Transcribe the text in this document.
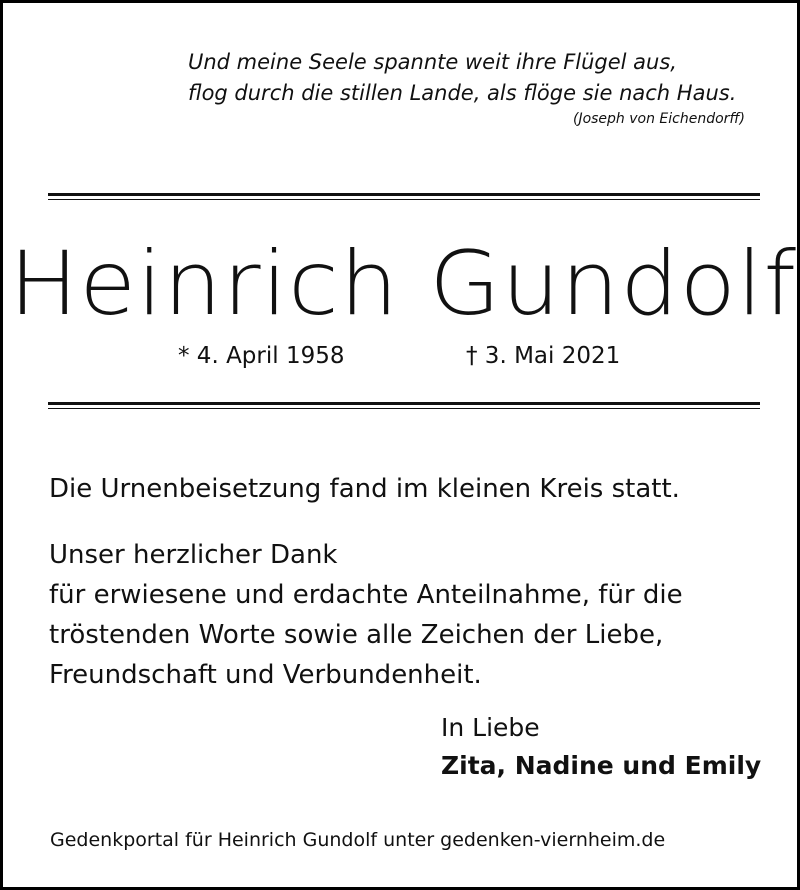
Und meine Seele spannte weit ihre Flügel aus,
flog durch die stillen Lande, als flöge sie nach Haus.
(Joseph von Eichendorff)
Heinrich Gundolf
* 4. April 1958	† 3. Mai 2021
Die Urnenbeisetzung fand im kleinen Kreis statt.
Unser herzlicher Dank
für erwiesene und erdachte Anteilnahme, für die
tröstenden Worte sowie alle Zeichen der Liebe,
Freundschaft und Verbundenheit.
In Liebe
Zita, Nadine und Emily
Gedenkportal für Heinrich Gundolf unter gedenken-viernheim.de
